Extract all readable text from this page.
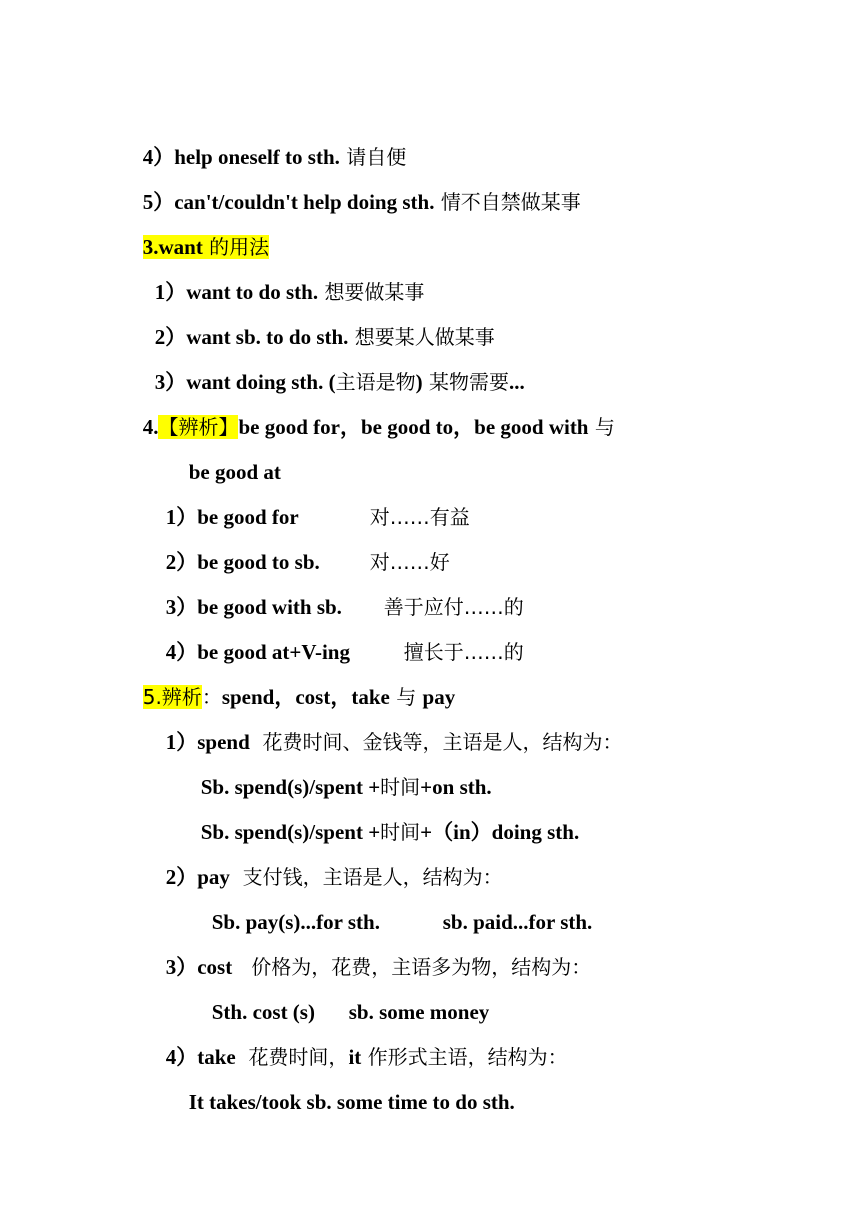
4）help oneself to sth. 请自便

5）can't/couldn't help doing sth. 情不自禁做某事

3.want 的用法

1）want to do sth. 想要做某事

2）want sb. to do sth. 想要某人做某事

3）want doing sth. (主语是物) 某物需要...

4.【辨析】be good for，be good to，be good with 与

be good at

1）be good for	对……有益

2）be good to sb.	对……好

3）be good with sb.	善于应付……的

4）be good at+V-ing	擅长于……的

5.辨析：spend，cost，take 与 pay

1）spend 花费时间、金钱等，主语是人，结构为：

Sb. spend(s)/spent +时间+on sth.

Sb. spend(s)/spent +时间+（in）doing sth.

2）pay 支付钱，主语是人，结构为：

Sb. pay(s)...for sth.	sb. paid...for sth.

3）cost 价格为，花费，主语多为物，结构为：

Sth. cost (s)	sb. some money

4）take 花费时间，it 作形式主语，结构为：

It takes/took sb. some time to do sth.
